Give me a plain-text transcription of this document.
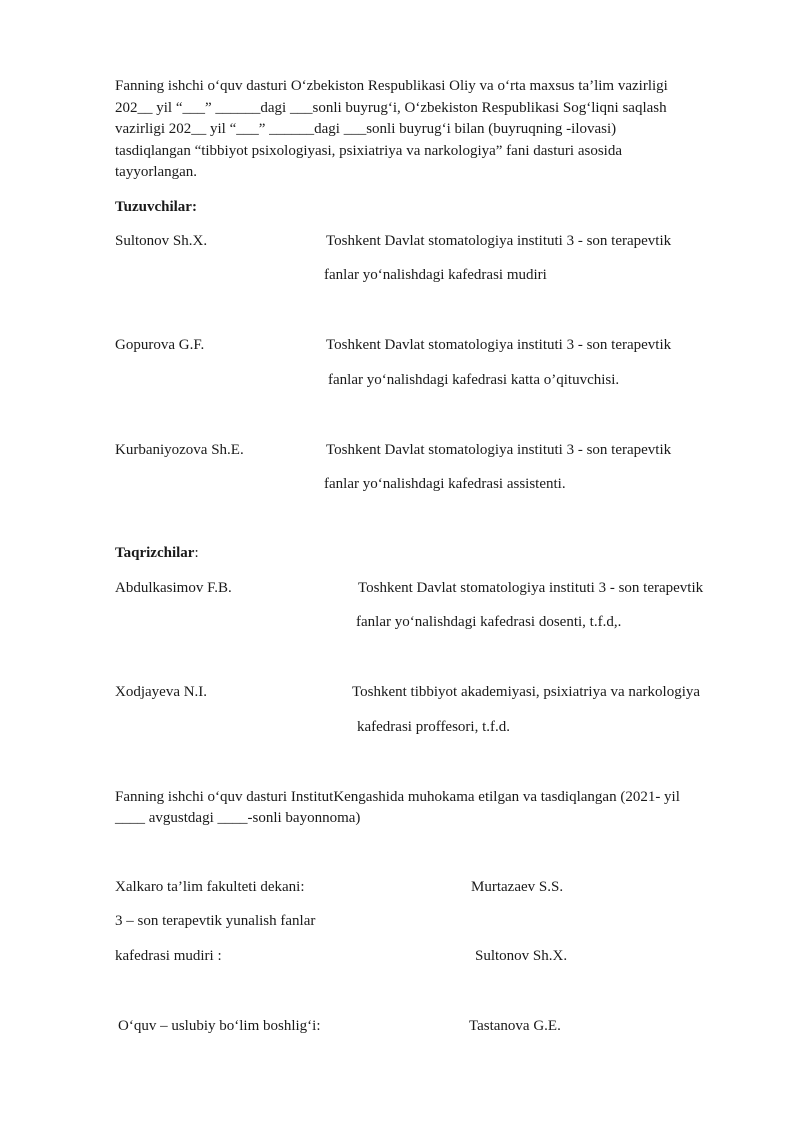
Fanning ishchi o‘quv dasturi O‘zbekiston Respublikasi Oliy va o‘rta maxsus ta’lim vazirligi
202__ yil “___” ______dagi ___sonli buyrug‘i, O‘zbekiston Respublikasi Sog‘liqni saqlash
vazirligi 202__ yil “___” ______dagi ___sonli buyrug‘i bilan (buyruqning -ilovasi)
tasdiqlangan “tibbiyot psixologiyasi, psixiatriya va narkologiya” fani dasturi asosida
tayyorlangan.
Tuzuvchilar:
Sultonov Sh.X.	Toshkent Davlat stomatologiya instituti 3 - son terapevtik
fanlar yo‘nalishdagi kafedrasi mudiri
Gopurova G.F.	Toshkent Davlat stomatologiya instituti 3 - son terapevtik
fanlar yo‘nalishdagi kafedrasi katta o’qituvchisi.
Kurbaniyozova Sh.E.	Toshkent Davlat stomatologiya instituti 3 - son terapevtik
fanlar yo‘nalishdagi kafedrasi assistenti.
Taqrizchilar:
Abdulkasimov F.B.	Toshkent Davlat stomatologiya instituti 3 - son terapevtik
fanlar yo‘nalishdagi kafedrasi dosenti, t.f.d,.
Xodjayeva N.I.	Toshkent tibbiyot akademiyasi, psixiatriya va narkologiya
kafedrasi proffesori, t.f.d.
Fanning ishchi o‘quv dasturi InstitutKengashida muhokama etilgan va tasdiqlangan (2021- yil
____ avgustdagi ____-sonli bayonnoma)
Xalkaro ta’lim fakulteti dekani:	Murtazaev S.S.
3 – son terapevtik yunalish fanlar
kafedrasi mudiri :	Sultonov Sh.X.
O‘quv – uslubiy bo‘lim boshlig‘i:	Tastanova G.E.
